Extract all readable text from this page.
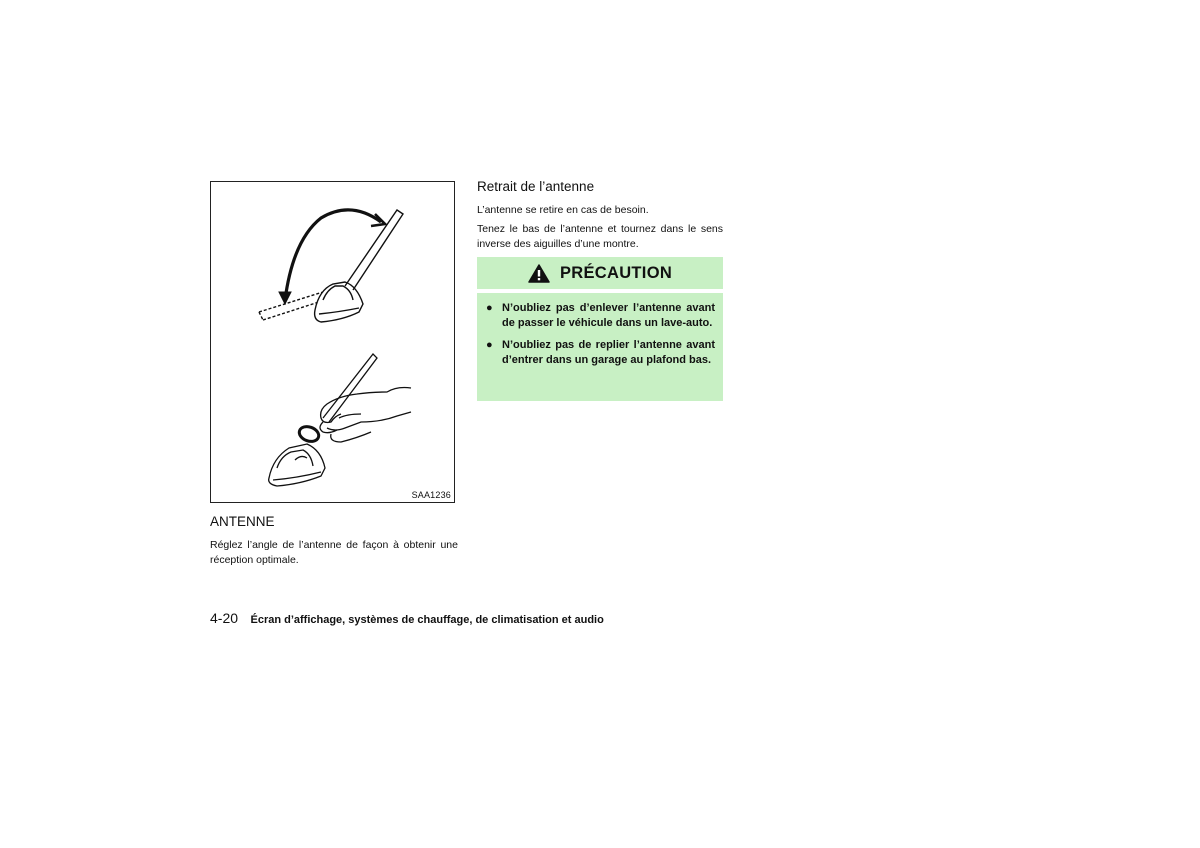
SAA1236
ANTENNE

Réglez l’angle de l’antenne de façon à obtenir une réception optimale.

Retrait de l’antenne

L’antenne se retire en cas de besoin.

Tenez le bas de l’antenne et tournez dans le sens inverse des aiguilles d’une montre.

PRÉCAUTION
● N’oubliez pas d’enlever l’antenne avant de passer le véhicule dans un lave-auto.
● N’oubliez pas de replier l’antenne avant d’entrer dans un garage au plafond bas.
4-20 Écran d’affichage, systèmes de chauffage, de climatisation et audio
